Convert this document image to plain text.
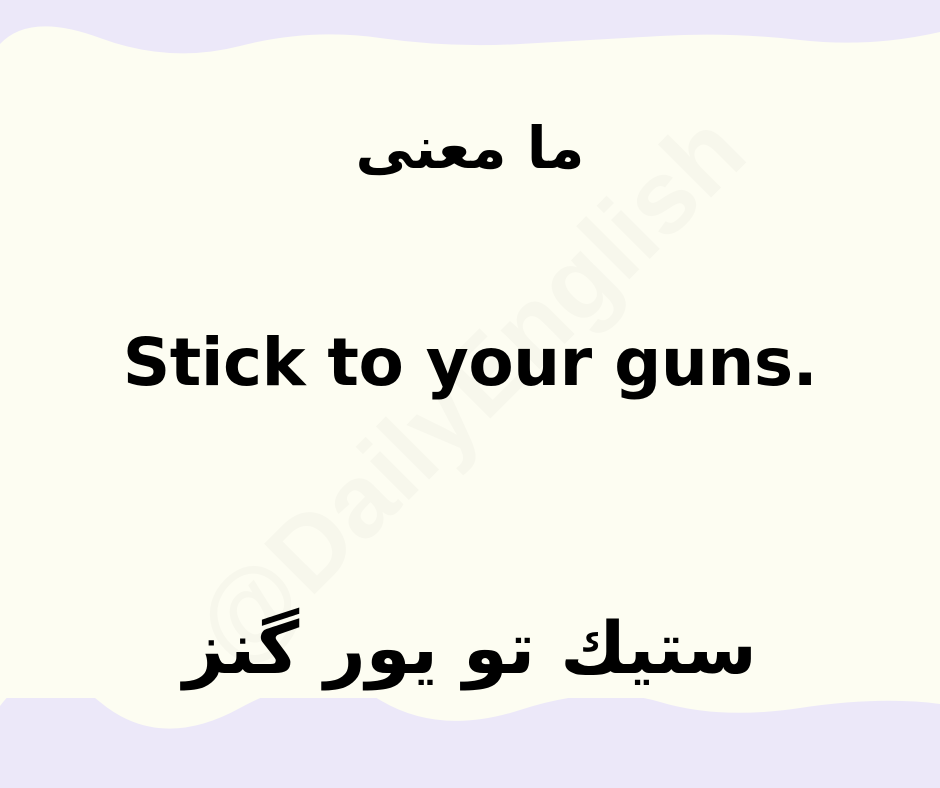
ما معنى
Stick to your guns.
ستيك تو يور گنز
